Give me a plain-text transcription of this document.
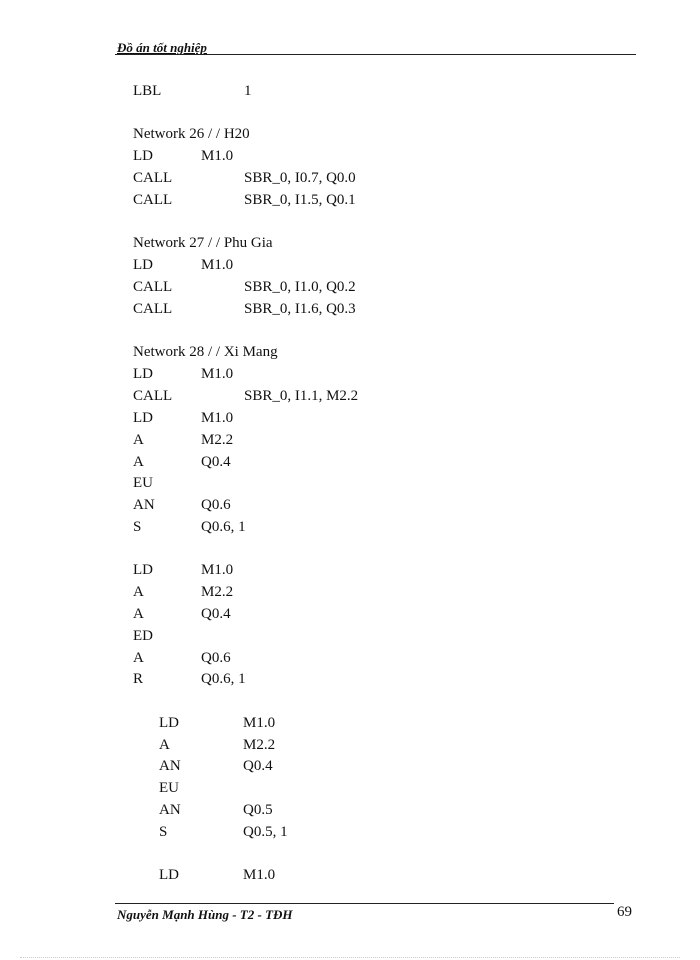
Đồ án tốt nghiệp
LBL	1
Network 26 / / H20
LD	M1.0
CALL	SBR_0, I0.7, Q0.0
CALL	SBR_0, I1.5, Q0.1
Network 27 / / Phu Gia
LD	M1.0
CALL	SBR_0, I1.0, Q0.2
CALL	SBR_0, I1.6, Q0.3
Network 28 / / Xi Mang
LD	M1.0
CALL	SBR_0, I1.1, M2.2
LD	M1.0
A	M2.2
A	Q0.4
EU
AN	Q0.6
S	Q0.6, 1
LD	M1.0
A	M2.2
A	Q0.4
ED
A	Q0.6
R	Q0.6, 1
LD	M1.0
A	M2.2
AN	Q0.4
EU
AN	Q0.5
S	Q0.5, 1
LD	M1.0
Nguyễn Mạnh Hùng - T2 - TĐH	69
